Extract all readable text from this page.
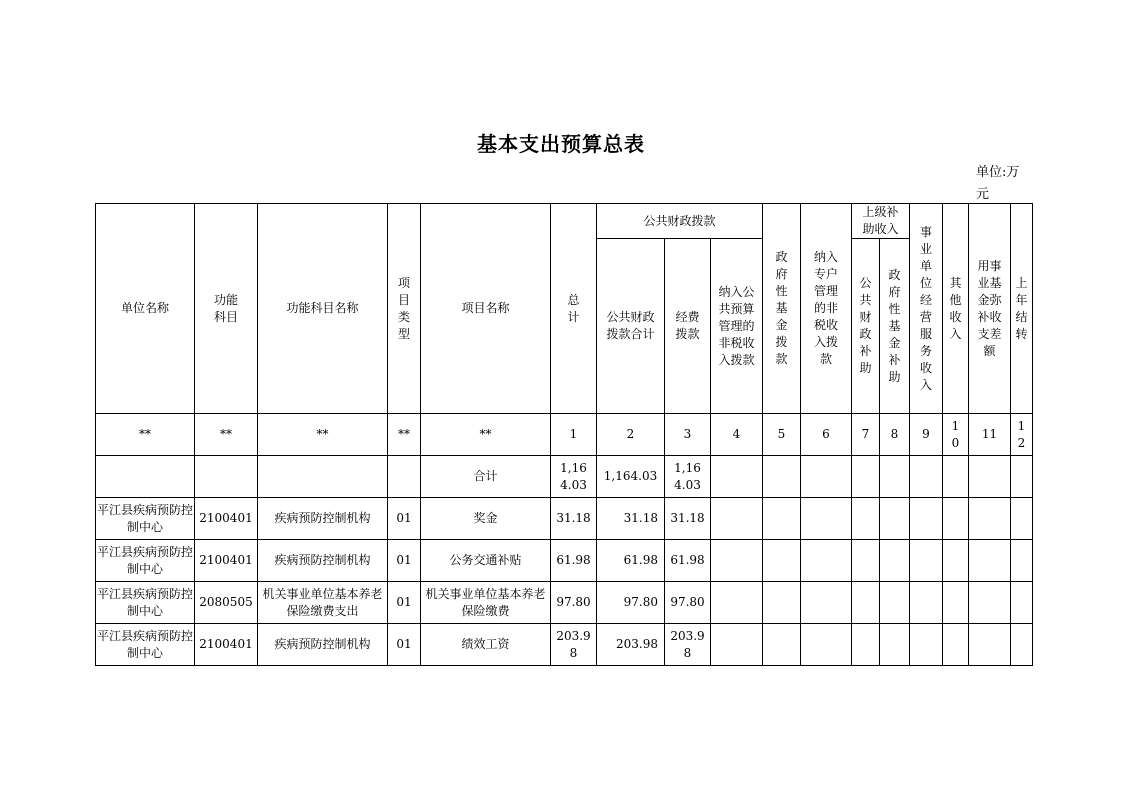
基本支出预算总表
单位:万元
单位名称	功能科目	功能科目名称	项目类型	项目名称	总计	公共财政拨款			政府性基金拨款	纳入专户管理的非税收入拨款	上级补助收入		事业单位经营服务收入	其他收入	用事业基金弥补收支差额	上年结转
						公共财政拨款合计	经费拨款	纳入公共预算管理的非税收入拨款			公共财政补助	政府性基金补助				
**	**	**	**	**	1	2	3	4	5	6	7	8	9	10	11	12
				合计	1,164.03	1,164.03	1,164.03									
平江县疾病预防控制中心	2100401	疾病预防控制机构	01	奖金	31.18	31.18	31.18									
平江县疾病预防控制中心	2100401	疾病预防控制机构	01	公务交通补贴	61.98	61.98	61.98									
平江县疾病预防控制中心	2080505	机关事业单位基本养老保险缴费支出	01	机关事业单位基本养老保险缴费	97.80	97.80	97.80									
平江县疾病预防控制中心	2100401	疾病预防控制机构	01	绩效工资	203.98	203.98	203.98									
